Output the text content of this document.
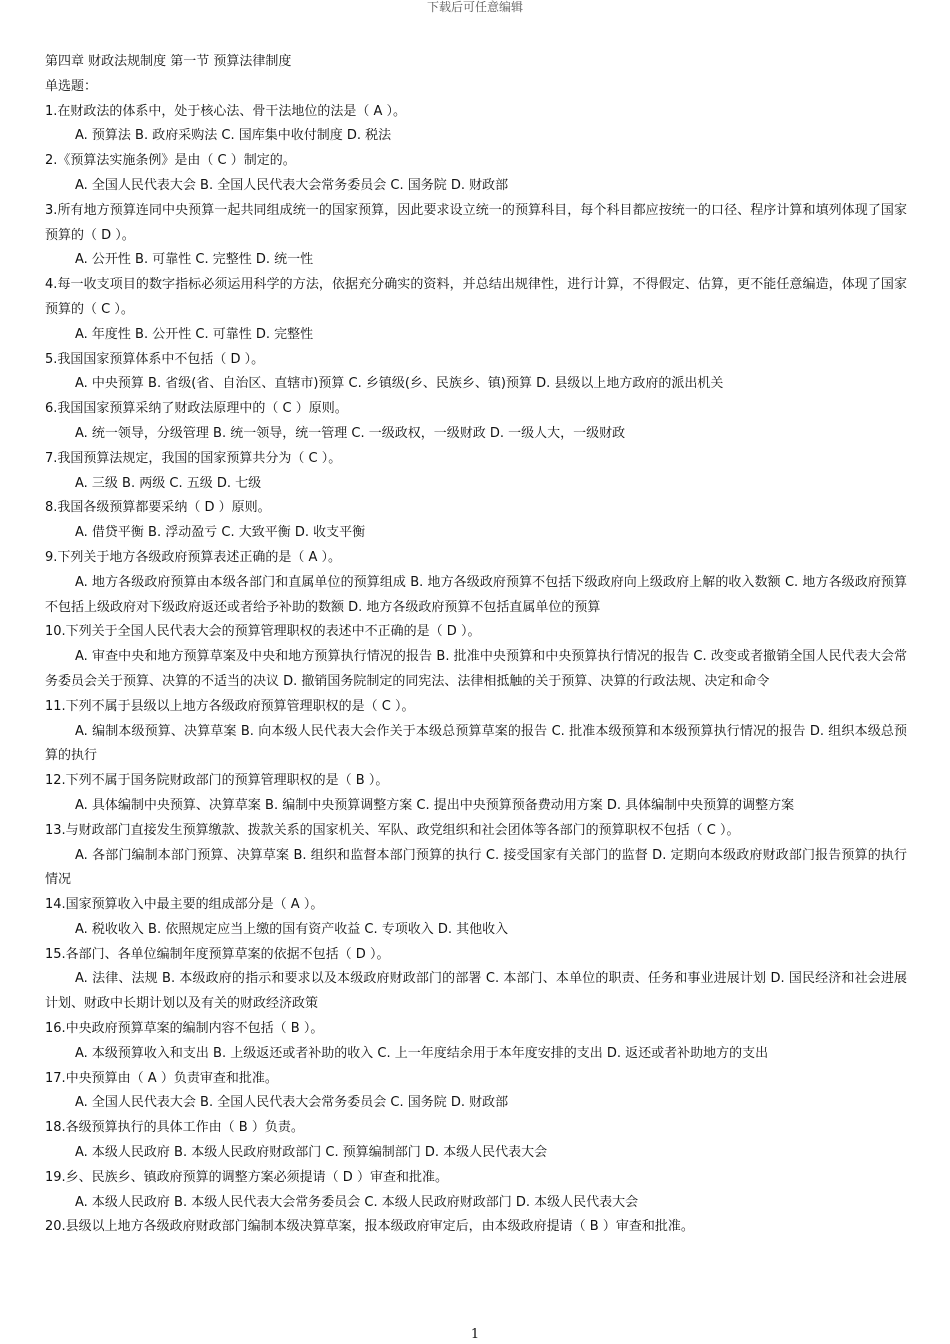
下载后可任意编辑
第四章 财政法规制度 第一节 预算法律制度
单选题：
1.在财政法的体系中，处于核心法、骨干法地位的法是（ A ）。
A. 预算法 B. 政府采购法 C. 国库集中收付制度 D. 税法
2.《预算法实施条例》是由（ C ）制定的。
A. 全国人民代表大会 B. 全国人民代表大会常务委员会 C. 国务院 D. 财政部
3.所有地方预算连同中央预算一起共同组成统一的国家预算，因此要求设立统一的预算科目，每个科目都应按统一的口径、程序计算和填列体现了国家预算的（ D ）。
A. 公开性 B. 可靠性 C. 完整性 D. 统一性
4.每一收支项目的数字指标必须运用科学的方法，依据充分确实的资料，并总结出规律性，进行计算，不得假定、估算，更不能任意编造，体现了国家预算的（ C ）。
A. 年度性 B. 公开性 C. 可靠性 D. 完整性
5.我国国家预算体系中不包括（ D ）。
A. 中央预算 B. 省级(省、自治区、直辖市)预算 C. 乡镇级(乡、民族乡、镇)预算 D. 县级以上地方政府的派出机关
6.我国国家预算采纳了财政法原理中的（ C ）原则。
A. 统一领导，分级管理 B. 统一领导，统一管理 C. 一级政权，一级财政 D. 一级人大，一级财政
7.我国预算法规定，我国的国家预算共分为（ C ）。
A. 三级 B. 两级 C. 五级 D. 七级
8.我国各级预算都要采纳（ D ）原则。
A. 借贷平衡 B. 浮动盈亏 C. 大致平衡 D. 收支平衡
9.下列关于地方各级政府预算表述正确的是（ A ）。
A. 地方各级政府预算由本级各部门和直属单位的预算组成 B. 地方各级政府预算不包括下级政府向上级政府上解的收入数额 C. 地方各级政府预算不包括上级政府对下级政府返还或者给予补助的数额 D. 地方各级政府预算不包括直属单位的预算
10.下列关于全国人民代表大会的预算管理职权的表述中不正确的是（ D ）。
A. 审查中央和地方预算草案及中央和地方预算执行情况的报告 B. 批准中央预算和中央预算执行情况的报告 C. 改变或者撤销全国人民代表大会常务委员会关于预算、决算的不适当的决议 D. 撤销国务院制定的同宪法、法律相抵触的关于预算、决算的行政法规、决定和命令
11.下列不属于县级以上地方各级政府预算管理职权的是（ C ）。
A. 编制本级预算、决算草案 B. 向本级人民代表大会作关于本级总预算草案的报告 C. 批准本级预算和本级预算执行情况的报告 D. 组织本级总预算的执行
12.下列不属于国务院财政部门的预算管理职权的是（ B ）。
A. 具体编制中央预算、决算草案 B. 编制中央预算调整方案 C. 提出中央预算预备费动用方案 D. 具体编制中央预算的调整方案
13.与财政部门直接发生预算缴款、拨款关系的国家机关、军队、政党组织和社会团体等各部门的预算职权不包括（ C ）。
A. 各部门编制本部门预算、决算草案 B. 组织和监督本部门预算的执行 C. 接受国家有关部门的监督 D. 定期向本级政府财政部门报告预算的执行情况
14.国家预算收入中最主要的组成部分是（ A ）。
A. 税收收入 B. 依照规定应当上缴的国有资产收益 C. 专项收入 D. 其他收入
15.各部门、各单位编制年度预算草案的依据不包括（ D ）。
A. 法律、法规 B. 本级政府的指示和要求以及本级政府财政部门的部署 C. 本部门、本单位的职责、任务和事业进展计划 D. 国民经济和社会进展计划、财政中长期计划以及有关的财政经济政策
16.中央政府预算草案的编制内容不包括（ B ）。
A. 本级预算收入和支出 B. 上级返还或者补助的收入 C. 上一年度结余用于本年度安排的支出 D. 返还或者补助地方的支出
17.中央预算由（ A ）负责审查和批准。
A. 全国人民代表大会 B. 全国人民代表大会常务委员会 C. 国务院 D. 财政部
18.各级预算执行的具体工作由（ B ）负责。
A. 本级人民政府 B. 本级人民政府财政部门 C. 预算编制部门 D. 本级人民代表大会
19.乡、民族乡、镇政府预算的调整方案必须提请（ D ）审查和批准。
A. 本级人民政府 B. 本级人民代表大会常务委员会 C. 本级人民政府财政部门 D. 本级人民代表大会
20.县级以上地方各级政府财政部门编制本级决算草案，报本级政府审定后，由本级政府提请（ B ）审查和批准。
1
